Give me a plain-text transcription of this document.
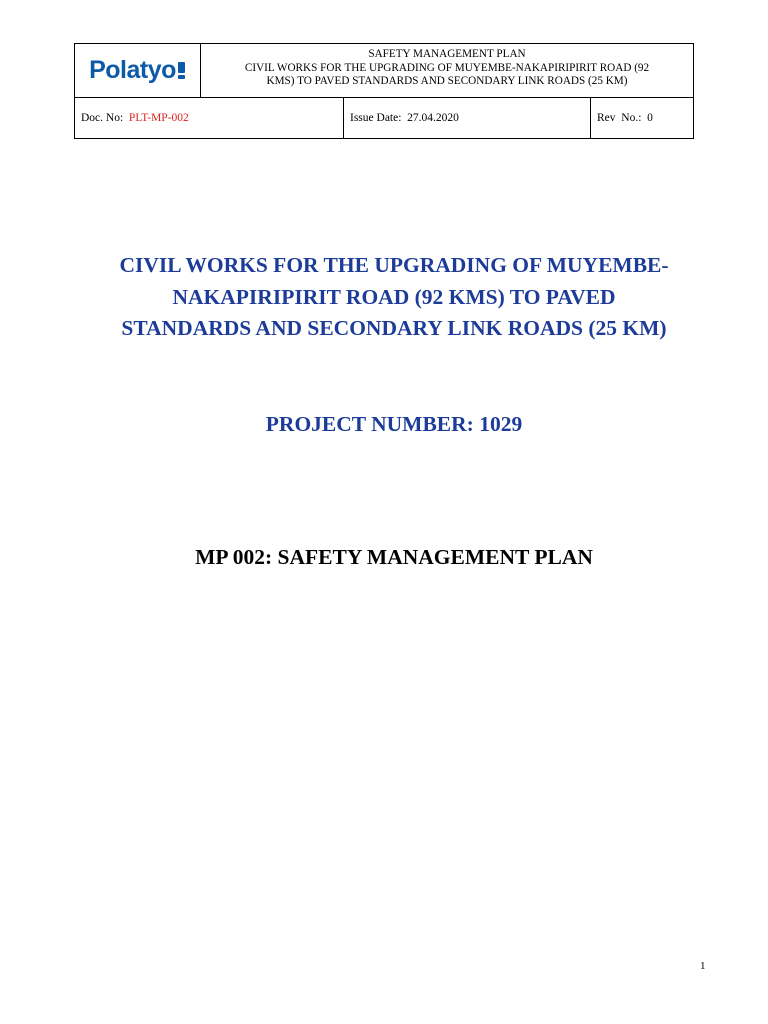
Polatyo
SAFETY MANAGEMENT PLAN
CIVIL WORKS FOR THE UPGRADING OF MUYEMBE-NAKAPIRIPIRIT ROAD (92
KMS) TO PAVED STANDARDS AND SECONDARY LINK ROADS (25 KM)
Doc. No: PLT-MP-002	Issue Date: 27.04.2020	Rev  No.: 0
CIVIL WORKS FOR THE UPGRADING OF MUYEMBE-
NAKAPIRIPIRIT ROAD (92 KMS) TO PAVED
STANDARDS AND SECONDARY LINK ROADS (25 KM)
PROJECT NUMBER: 1029
MP 002: SAFETY MANAGEMENT PLAN
1
